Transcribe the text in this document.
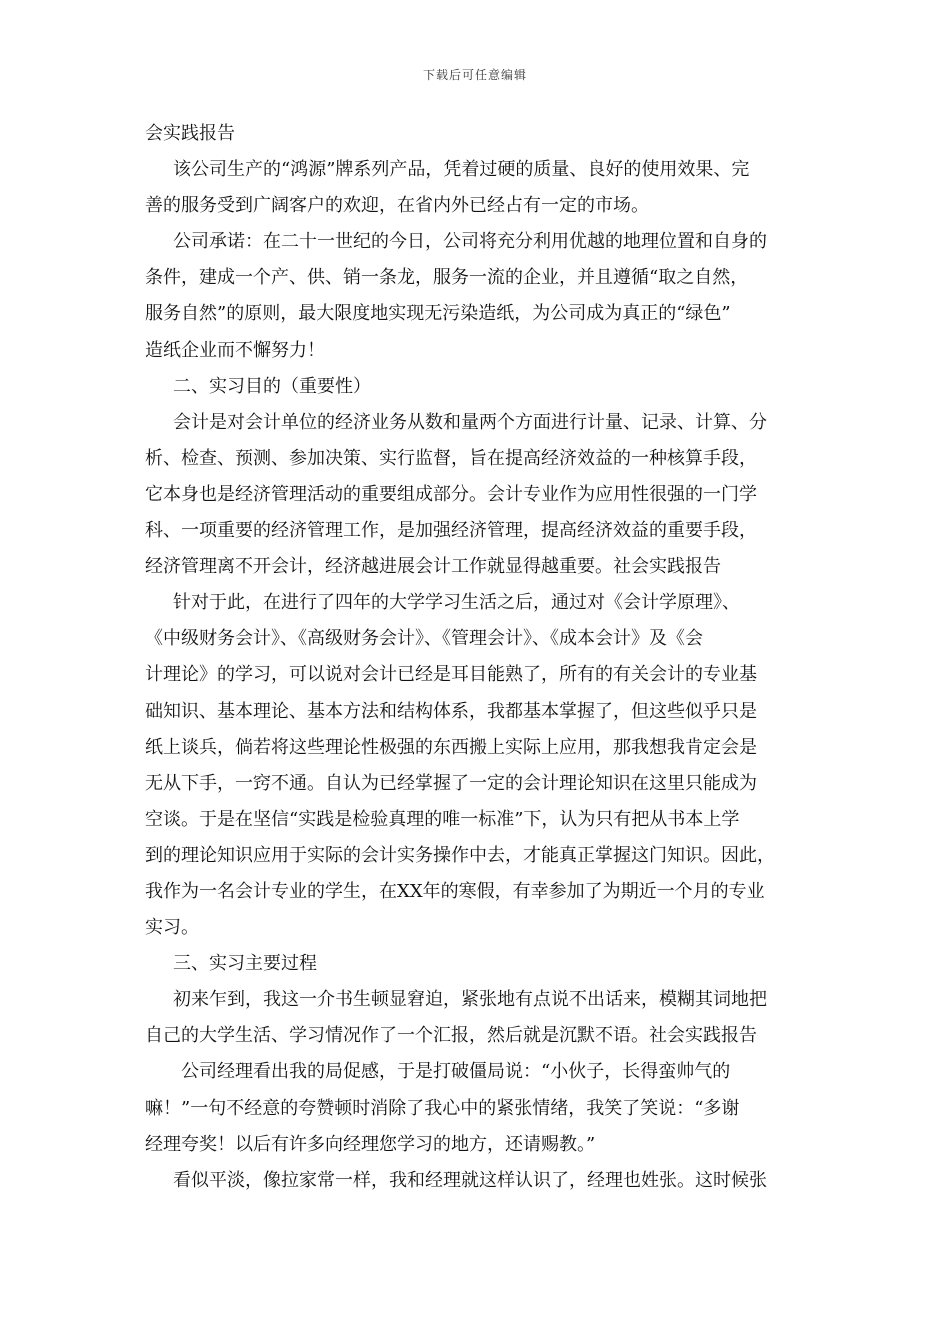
下载后可任意编辑
会实践报告
该公司生产的“鸿源”牌系列产品，凭着过硬的质量、良好的使用效果、完
善的服务受到广阔客户的欢迎，在省内外已经占有一定的市场。
公司承诺：在二十一世纪的今日，公司将充分利用优越的地理位置和自身的
条件，建成一个产、供、销一条龙，服务一流的企业，并且遵循“取之自然，
服务自然”的原则，最大限度地实现无污染造纸，为公司成为真正的“绿色”
造纸企业而不懈努力！
二、实习目的（重要性）
会计是对会计单位的经济业务从数和量两个方面进行计量、记录、计算、分
析、检查、预测、参加决策、实行监督，旨在提高经济效益的一种核算手段，
它本身也是经济管理活动的重要组成部分。会计专业作为应用性很强的一门学
科、一项重要的经济管理工作，是加强经济管理，提高经济效益的重要手段，
经济管理离不开会计，经济越进展会计工作就显得越重要。社会实践报告
针对于此，在进行了四年的大学学习生活之后，通过对《会计学原理》、
《中级财务会计》、《高级财务会计》、《管理会计》、《成本会计》及《会
计理论》的学习，可以说对会计已经是耳目能熟了，所有的有关会计的专业基
础知识、基本理论、基本方法和结构体系，我都基本掌握了，但这些似乎只是
纸上谈兵，倘若将这些理论性极强的东西搬上实际上应用，那我想我肯定会是
无从下手，一窍不通。自认为已经掌握了一定的会计理论知识在这里只能成为
空谈。于是在坚信“实践是检验真理的唯一标准”下，认为只有把从书本上学
到的理论知识应用于实际的会计实务操作中去，才能真正掌握这门知识。因此，
我作为一名会计专业的学生，在XX年的寒假，有幸参加了为期近一个月的专业
实习。
三、实习主要过程
初来乍到，我这一介书生顿显窘迫，紧张地有点说不出话来，模糊其词地把
自己的大学生活、学习情况作了一个汇报，然后就是沉默不语。社会实践报告
公司经理看出我的局促感，于是打破僵局说：“小伙子，长得蛮帅气的
嘛！”一句不经意的夸赞顿时消除了我心中的紧张情绪，我笑了笑说：“多谢
经理夸奖！以后有许多向经理您学习的地方，还请赐教。”
看似平淡，像拉家常一样，我和经理就这样认识了，经理也姓张。这时候张
